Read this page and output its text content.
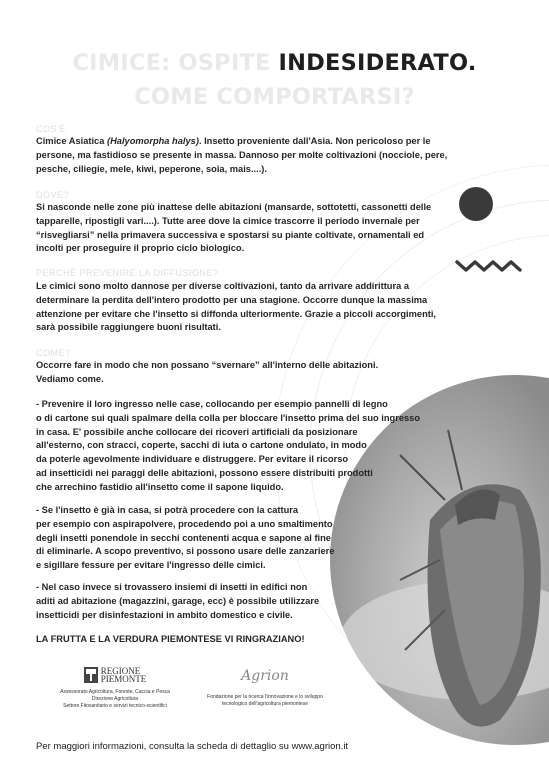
CIMICE: OSPITE INDESIDERATO.
COME COMPORTARSI?
COS'È
Cimice Asiatica (Halyomorpha halys). Insetto proveniente dall'Asia. Non pericoloso per le
persone, ma fastidioso se presente in massa. Dannoso per molte coltivazioni (nocciole, pere,
pesche, ciliegie, mele, kiwi, peperone, soia, mais....).
DOVE?
Si nasconde nelle zone più inattese delle abitazioni (mansarde, sottotetti, cassonetti delle
tapparelle, ripostigli vari....). Tutte aree dove la cimice trascorre il periodo invernale per
“risvegliarsi” nella primavera successiva e spostarsi su piante coltivate, ornamentali ed
incolti per proseguire il proprio ciclo biologico.
PERCHÉ PREVENIRE LA DIFFUSIONE?
Le cimici sono molto dannose per diverse coltivazioni, tanto da arrivare addirittura a
determinare la perdita dell'intero prodotto per una stagione. Occorre dunque la massima
attenzione per evitare che l'insetto si diffonda ulteriormente. Grazie a piccoli accorgimenti,
sarà possibile raggiungere buoni risultati.
COME?
Occorre fare in modo che non possano “svernare” all'interno delle abitazioni.
Vediamo come.
- Prevenire il loro ingresso nelle case, collocando per esempio pannelli di legno
o di cartone sui quali spalmare della colla per bloccare l'insetto prima del suo ingresso
in casa. E' possibile anche collocare dei ricoveri artificiali da posizionare
all'esterno, con stracci, coperte, sacchi di iuta o cartone ondulato, in modo
da poterle agevolmente individuare e distruggere. Per evitare il ricorso
ad insetticidi nei paraggi delle abitazioni, possono essere distribuiti prodotti
che arrechino fastidio all'insetto come il sapone liquido.
- Se l'insetto è già in casa, si potrà procedere con la cattura
per esempio con aspirapolvere, procedendo poi a uno smaltimento
degli insetti ponendole in secchi contenenti acqua e sapone al fine
di eliminarle. A scopo preventivo, si possono usare delle zanzariere
e sigillare fessure per evitare l'ingresso delle cimici.
- Nel caso invece si trovassero insiemi di insetti in edifici non
aditi ad abitazione (magazzini, garage, ecc) è possibile utilizzare
insetticidi per disinfestazioni in ambito domestico e civile.
LA FRUTTA E LA VERDURA PIEMONTESE VI RINGRAZIANO!
REGIONE
PIEMONTE
Assessorato Agricoltura, Foreste, Caccia e Pesca
Direzione Agricoltura
Settore Fitosanitario e servizi tecnico-scientifici
Agrion
Fondazione per la ricerca l'innovazione e lo sviluppo
tecnologico dell'agricoltura piemontese
Per maggiori informazioni, consulta la scheda di dettaglio su www.agrion.it
